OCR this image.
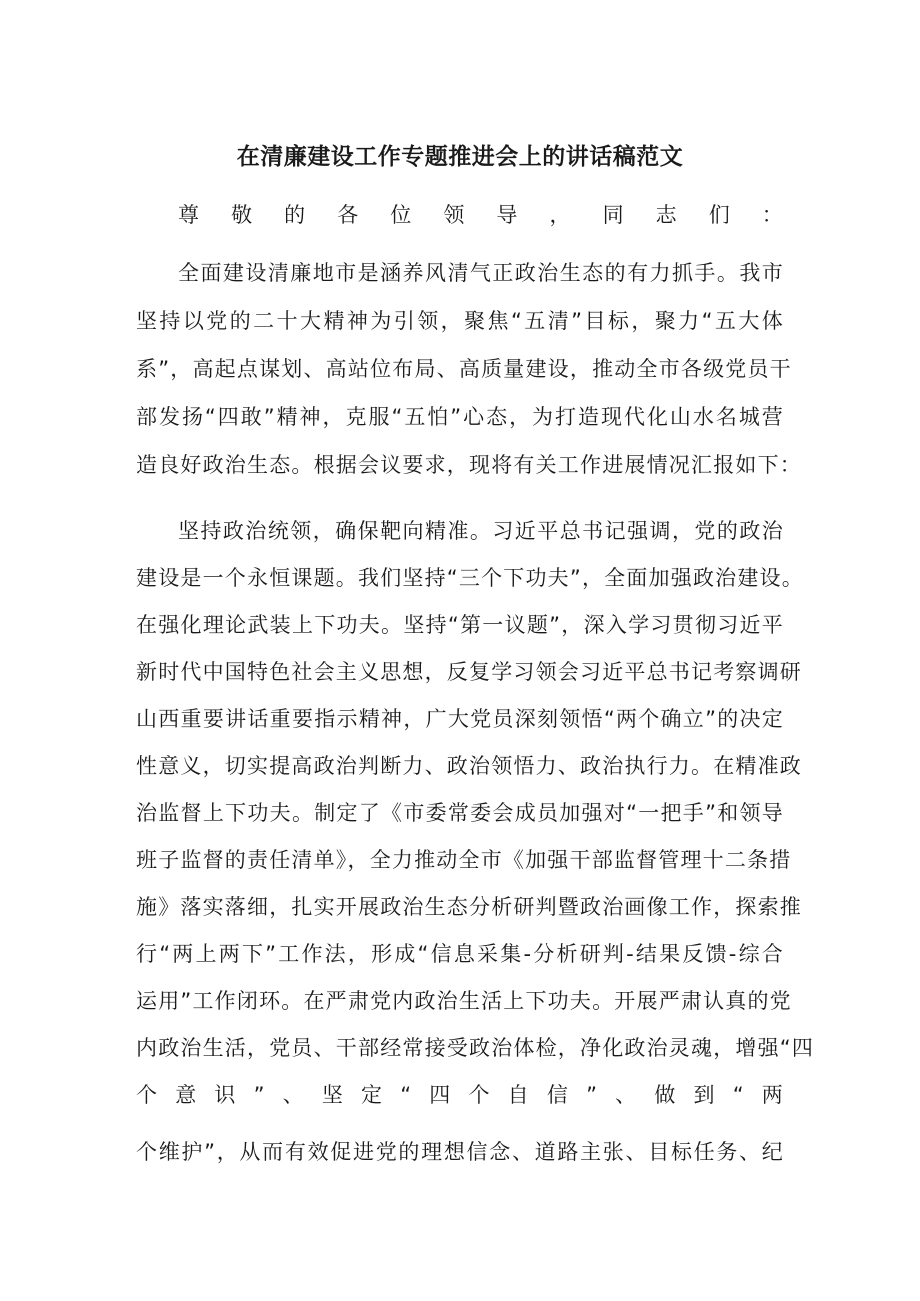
在清廉建设工作专题推进会上的讲话稿范文

尊敬的各位领导，同志们：

全面建设清廉地市是涵养风清气正政治生态的有力抓手。我市

坚持以党的二十大精神为引领，聚焦“五清”目标，聚力“五大体

系”，高起点谋划、高站位布局、高质量建设，推动全市各级党员干

部发扬“四敢”精神，克服“五怕”心态，为打造现代化山水名城营

造良好政治生态。根据会议要求，现将有关工作进展情况汇报如下：

坚持政治统领，确保靶向精准。习近平总书记强调，党的政治

建设是一个永恒课题。我们坚持“三个下功夫”，全面加强政治建设。

在强化理论武装上下功夫。坚持“第一议题”，深入学习贯彻习近平

新时代中国特色社会主义思想，反复学习领会习近平总书记考察调研

山西重要讲话重要指示精神，广大党员深刻领悟“两个确立”的决定

性意义，切实提高政治判断力、政治领悟力、政治执行力。在精准政

治监督上下功夫。制定了《市委常委会成员加强对“一把手”和领导

班子监督的责任清单》，全力推动全市《加强干部监督管理十二条措

施》落实落细，扎实开展政治生态分析研判暨政治画像工作，探索推

行“两上两下”工作法，形成“信息采集-分析研判-结果反馈-综合

运用”工作闭环。在严肃党内政治生活上下功夫。开展严肃认真的党

内政治生活，党员、干部经常接受政治体检，净化政治灵魂，增强“四

个意识”、坚定“四个自信”、做到“两

个维护”，从而有效促进党的理想信念、道路主张、目标任务、纪
